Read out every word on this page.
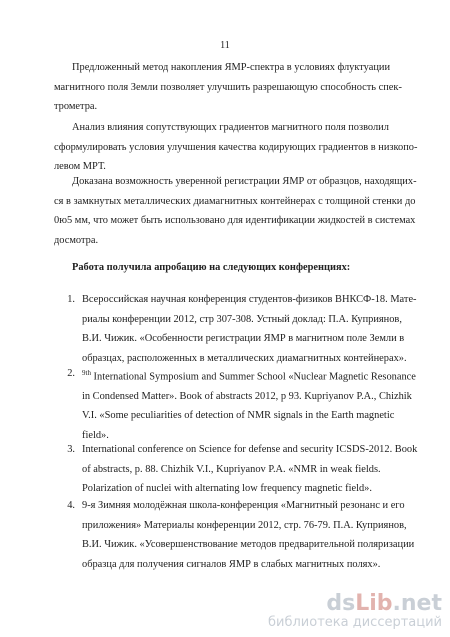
11
Предложенный метод накопления ЯМР-спектра в условиях флуктуации
магнитного поля Земли позволяет улучшить разрешающую способность спек-
трометра.
Анализ влияния сопутствующих градиентов магнитного поля позволил
сформулировать условия улучшения качества кодирующих градиентов в низкопо-
левом МРТ.
Доказана возможность уверенной регистрации ЯМР от образцов, находящих-
ся в замкнутых металлических диамагнитных контейнерах с толщиной стенки до
0ю5 мм, что может быть использовано для идентификации жидкостей в системах
досмотра.
Работа получила апробацию на следующих конференциях:
1. Всероссийская научная конференция студентов-физиков ВНКСФ-18. Мате-
риалы конференции 2012, стр 307-308. Устный доклад: П.А. Куприянов,
В.И. Чижик. «Особенности регистрации ЯМР в магнитном поле Земли в
образцах, расположенных в металлических диамагнитных контейнерах».
2. $^{9th}$ International Symposium and Summer School «Nuclear Magnetic Resonance
in Condensed Matter». Book of abstracts 2012, p 93. Kupriyanov P.A., Chizhik
V.I. «Some peculiarities of detection of NMR signals in the Earth magnetic
field».
3. International conference on Science for defense and security ICSDS-2012. Book
of abstracts, p. 88. Chizhik V.I., Kupriyanov P.A. «NMR in weak fields.
Polarization of nuclei with alternating low frequency magnetic field».
4. 9-я Зимняя молодёжная школа-конференция «Магнитный резонанс и его
приложения» Материалы конференции 2012, стр. 76-79. П.А. Куприянов,
В.И. Чижик. «Усовершенствование методов предварительной поляризации
образца для получения сигналов ЯМР в слабых магнитных полях».
dsLib.net
библиотека диссертаций
